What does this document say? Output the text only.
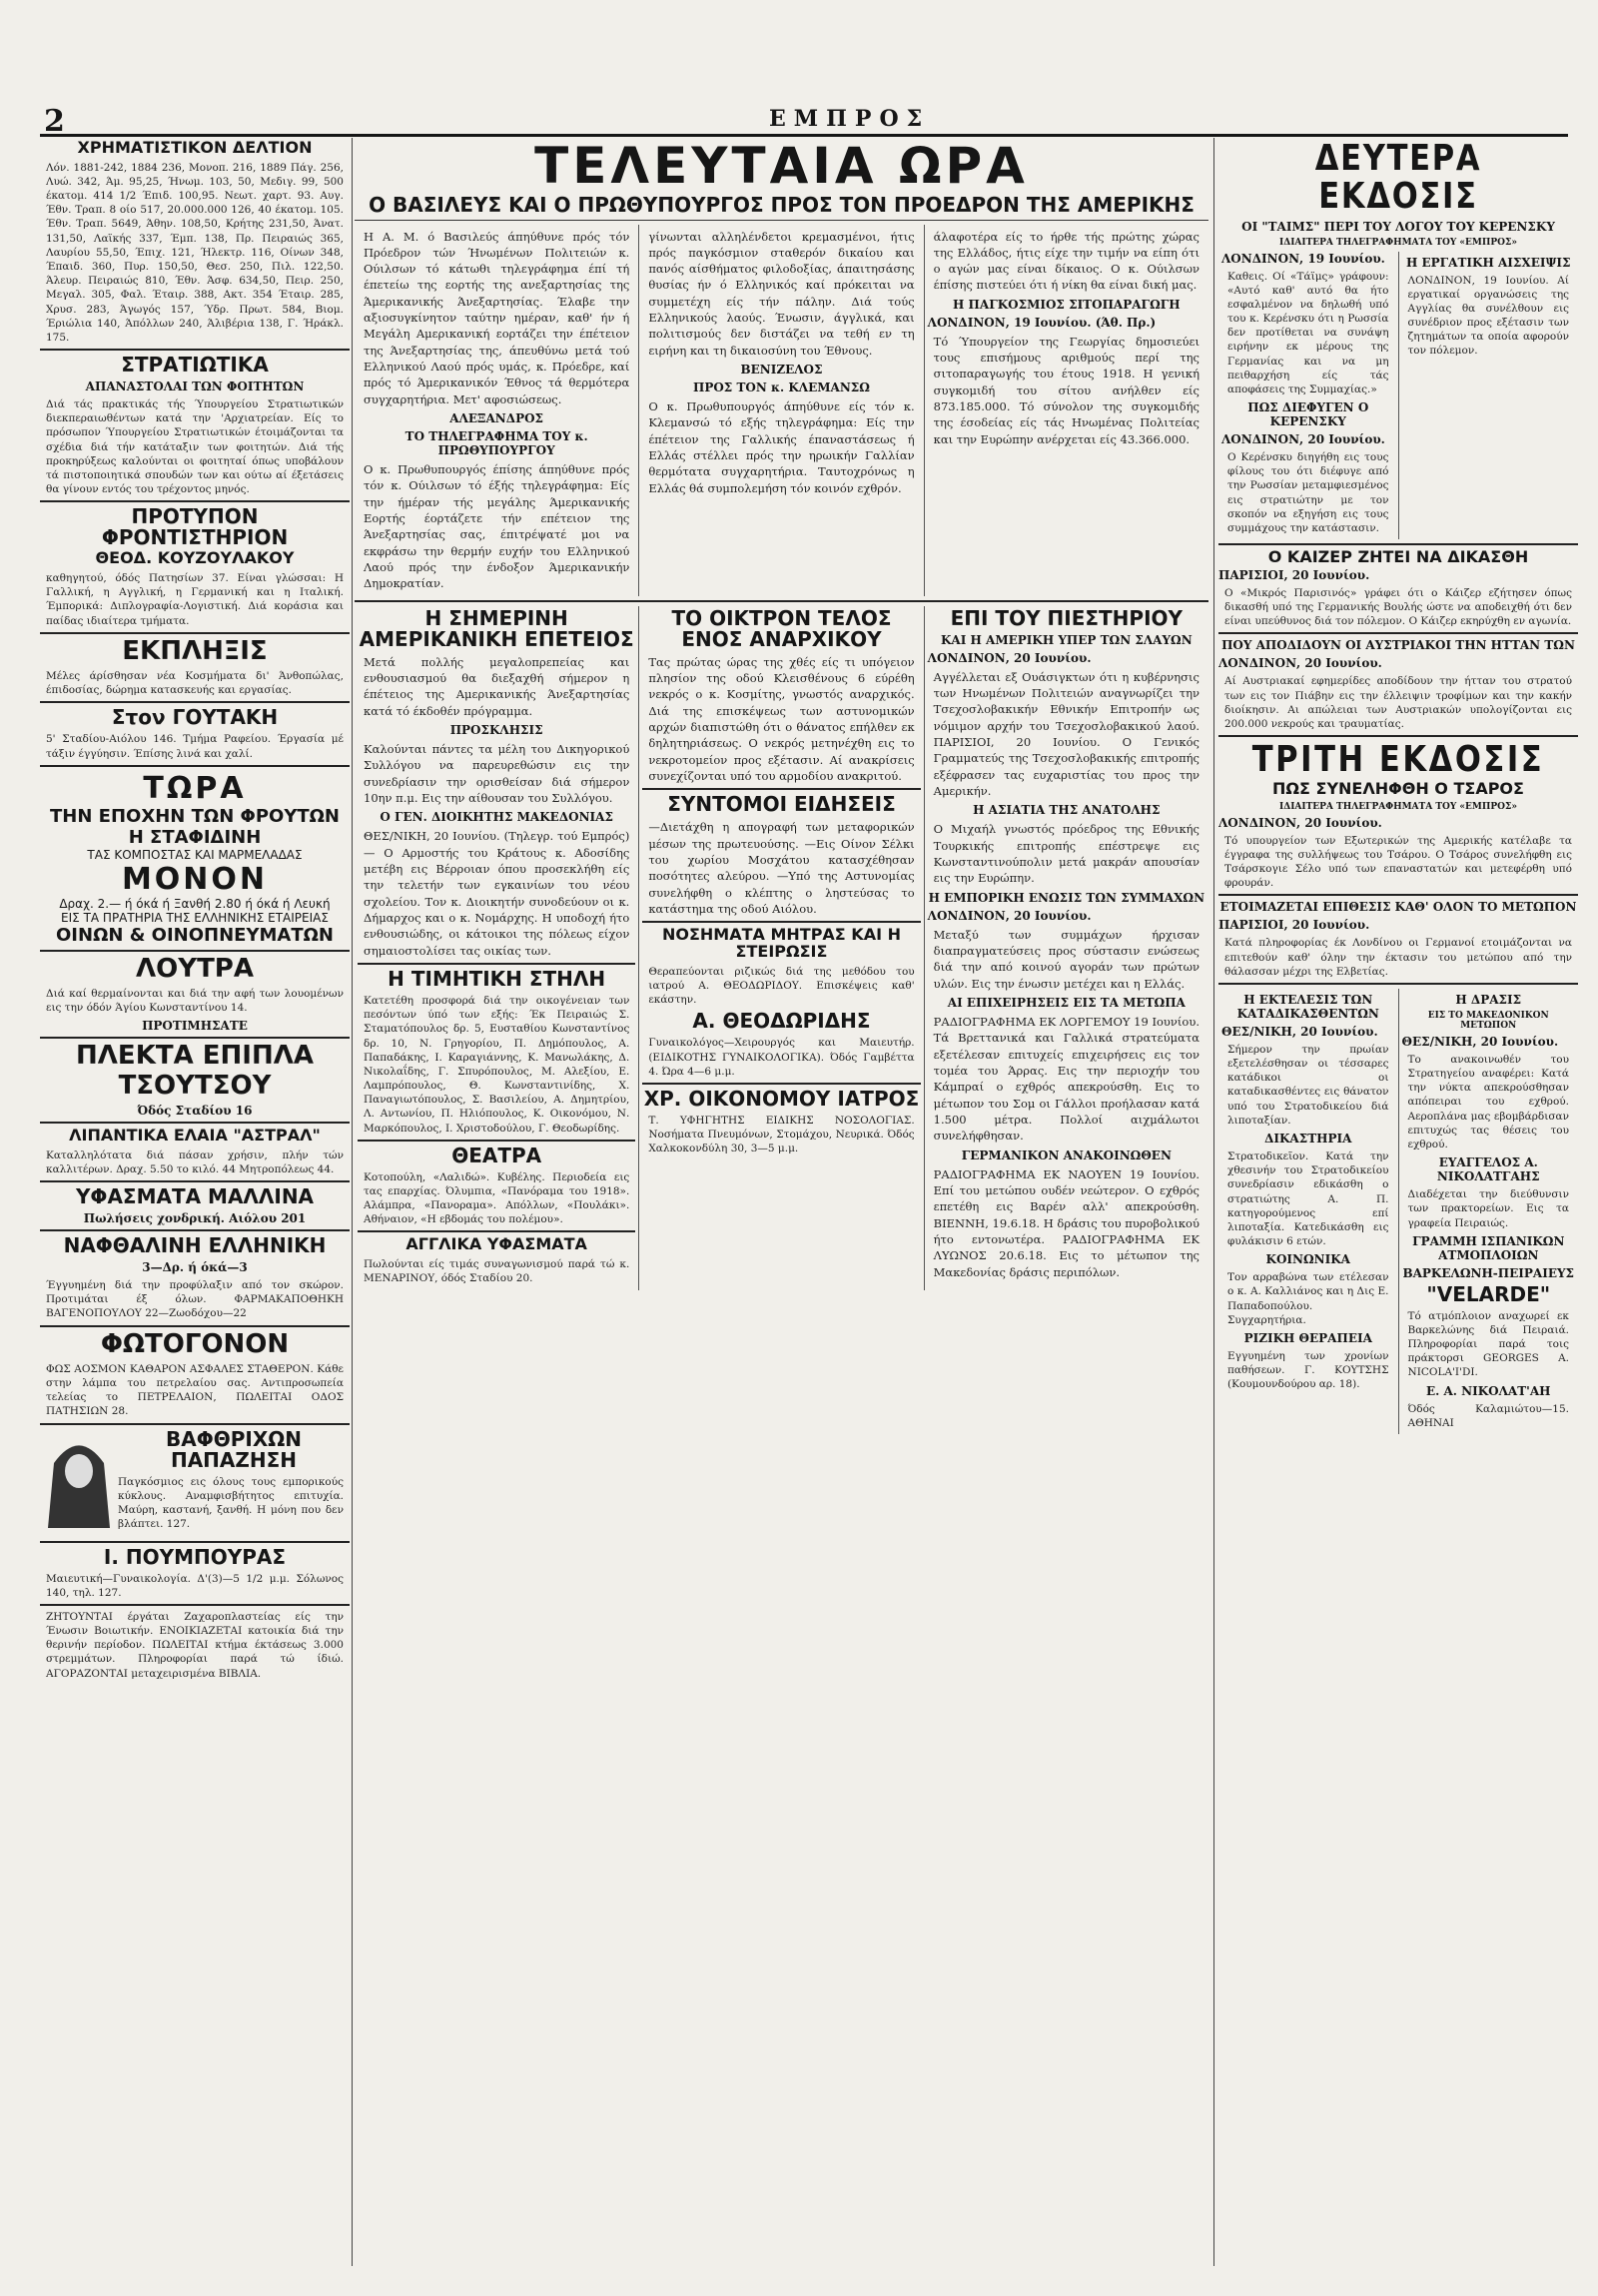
2	ΕΜΠΡΟΣ
ΧΡΗΜΑΤΙΣΤΙΚΟΝ ΔΕΛΤΙΟΝ
Λόν. 1881-242, 1884 236, Μονοπ. 216, 1889 Πάγ. 256, Λυώ. 342, Άμ. 95,25, Ήνωμ. 103, 50, Μεδιγ. 99, 500 έκατομ. 414 1/2 Έπιδ. 100,95. Νεωτ. χαρτ. 93. Αυγ. Έθν. Τραπ. 8 οίο 517, 20.000.000 126, 40 έκατομ. 105. Έθν. Τραπ. 5649, Άθην. 108,50, Κρήτης 231,50, Άνατ. 131,50, Λαϊκής 337, Έμπ. 138, Πρ. Πειραιώς 365, Λαυρίου 55,50, Έπιχ. 121, Ήλεκτρ. 116, Οίνων 348, Έπαιδ. 360, Πυρ. 150,50, Θεσ. 250, Πιλ. 122,50. Άλευρ. Πειραιώς 810, Έθν. Άσφ. 634,50, Πειρ. 250, Μεγαλ. 305, Φαλ. Έταιρ. 388, Ακτ. 354 Έταιρ. 285, Χρυσ. 283, Άγωγός 157, Ύδρ. Πρωτ. 584, Βιομ. Έριώλια 140, Άπόλλων 240, Άλιβέρια 138, Γ. Ήράκλ. 175.
ΣΤΡΑΤΙΩΤΙΚΑ
ΑΠΑΝΑΣΤΟΛΑΙ ΤΩΝ ΦΟΙΤΗΤΩΝ
Διά τάς πρακτικάς τής Ύπουργείου Στρατιωτικών διεκπεραιωθέντων κατά την 'Αρχιατρείαν. Είς το πρόσωπον Ύπουργείου Στρατιωτικών έτοιμάζονται τα σχέδια διά τήν κατάταξιν των φοιτητών. Διά τής προκηρύξεως καλούνται οι φοιτηταί όπως υποβάλουν τά πιστοποιητικά σπουδών των και ούτω αί έξετάσεις θα γίνουν εντός του τρέχοντος μηνός.
ΠΡΟΤΥΠΟΝ ΦΡΟΝΤΙΣΤΗΡΙΟΝ
ΘΕΟΔ. ΚΟΥΖΟΥΛΑΚΟΥ
καθηγητού, όδός Πατησίων 37. Είναι γλώσσαι: Η Γαλλική, η Αγγλική, η Γερμανική και η Ιταλική. Έμπορικά: Διπλογραφία-Λογιστική. Διά κοράσια και παίδας ιδιαίτερα τμήματα.
ΕΚΠΛΗΞΙΣ
Μέλες άρίσθησαν νέα Κοσμήματα δι' Άνθοπώλας, έπιδοσίας, δώρημα κατασκευής και εργασίας.
Στον ΓΟΥΤΑΚΗ
5' Σταδίου-Αιόλου 146. Τμήμα Ραφείου. Έργασία μέ τάξιν έγγύησιν. Έπίσης λινά και χαλί.
ΤΩΡΑ
ΤΗΝ ΕΠΟΧΗΝ ΤΩΝ ΦΡΟΥΤΩΝ
Η ΣΤΑΦΙΔΙΝΗ
ΤΑΣ ΚΟΜΠΟΣΤΑΣ ΚΑΙ ΜΑΡΜΕΛΑΔΑΣ
ΜΟΝΟΝ
Δραχ. 2.— ή όκά ή Ξανθή 2.80 ή όκά ή Λευκή
ΕΙΣ ΤΑ ΠΡΑΤΗΡΙΑ ΤΗΣ ΕΛΛΗΝΙΚΗΣ ΕΤΑΙΡΕΙΑΣ
ΟΙΝΩΝ & ΟΙΝΟΠΝΕΥΜΑΤΩΝ
ΛΟΥΤΡΑ
Διά καί θερμαίνονται και διά την αφή των λουομένων εις την όδόν Άγίου Κωνσταντίνου 14.
ΠΡΟΤΙΜΗΣΑΤΕ
ΠΛΕΚΤΑ ΕΠΙΠΛΑ
ΤΣΟΥΤΣΟΥ
Όδός Σταδίου 16
ΛΙΠΑΝΤΙΚΑ ΕΛΑΙΑ "ΑΣΤΡΑΛ"
Καταλληλότατα διά πάσαν χρήσιν, πλήν τών καλλιτέρων. Δραχ. 5.50 το κιλό. 44 Μητροπόλεως 44.
ΥΦΑΣΜΑΤΑ ΜΑΛΛΙΝΑ
Πωλήσεις χονδρική. Αιόλου 201
ΝΑΦΘΑΛΙΝΗ ΕΛΛΗΝΙΚΗ
3—Δρ. ή όκά—3
Έγγυημένη διά την προφύλαξιν από τον σκώρον. Προτιμάται έξ όλων. ΦΑΡΜΑΚΑΠΟΘΗΚΗ ΒΑΓΕΝΟΠΟΥΛΟΥ 22—Ζωοδόχου—22
ΦΩΤΟΓΟΝΟΝ
ΦΩΣ ΑΟΣΜΟΝ ΚΑΘΑΡΟΝ ΑΣΦΑΛΕΣ ΣΤΑΘΕΡΟΝ. Κάθε στην λάμπα του πετρελαίου σας. Αντιπροσωπεία τελείας το ΠΕΤΡΕΛΑΙΟΝ, ΠΩΛΕΙΤΑΙ ΟΔΟΣ ΠΑΤΗΣΙΩΝ 28.
ΒΑΦΘΡΙΧΩΝ ΠΑΠΑΖΗΣΗ
Παγκόσμιος εις όλους τους εμπορικούς κύκλους. Αναμφισβήτητος επιτυχία. Μαύρη, καστανή, ξανθή. Η μόνη που δεν βλάπτει. 127.
Ι. ΠΟΥΜΠΟΥΡΑΣ
Μαιευτική—Γυναικολογία. Δ'(3)—5 1/2 μ.μ. Σόλωνος 140, τηλ. 127.
ΖΗΤΟΥΝΤΑΙ έργάται Ζαχαροπλαστείας είς την Ένωσιν Βοιωτικήν. ΕΝΟΙΚΙΑΖΕΤΑΙ κατοικία διά την θερινήν περίοδον. ΠΩΛΕΙΤΑΙ κτήμα έκτάσεως 3.000 στρεμμάτων. Πληροφορίαι παρά τώ ίδιώ. ΑΓΟΡΑΖΟΝΤΑΙ μεταχειρισμένα ΒΙΒΛΙΑ.
ΤΕΛΕΥΤΑΙΑ ΩΡΑ
Ο ΒΑΣΙΛΕΥΣ ΚΑΙ Ο ΠΡΩΘΥΠΟΥΡΓΟΣ ΠΡΟΣ ΤΟΝ ΠΡΟΕΔΡΟΝ ΤΗΣ ΑΜΕΡΙΚΗΣ
Η Α. Μ. ό Βασιλεύς άπηύθυνε πρός τόν Πρόεδρον τών Ήνωμένων Πολιτειών κ. Ούιλσων τό κάτωθι τηλεγράφημα έπί τή έπετείω της εορτής της ανεξαρτησίας της Άμερικανικής Άνεξαρτησίας. Έλαβε την αξιοσυγκίνητον ταύτην ημέραν, καθ' ήν ή Μεγάλη Αμερικανική εορτάζει την έπέτειον της Άνεξαρτησίας της, άπευθύνω μετά τού Ελληνικού Λαού πρός υμάς, κ. Πρόεδρε, καί πρός τό Άμερικανικόν Έθνος τά θερμότερα συγχαρητήρια. Μετ' αφοσιώσεως.
ΑΛΕΞΑΝΔΡΟΣ
ΤΟ ΤΗΛΕΓΡΑΦΗΜΑ ΤΟΥ κ. ΠΡΩΘΥΠΟΥΡΓΟΥ
Ο κ. Πρωθυπουργός έπίσης άπηύθυνε πρός τόν κ. Ούιλσων τό έξής τηλεγράφημα: Είς την ήμέραν τής μεγάλης Άμερικανικής Εορτής έορτάζετε τήν επέτειον της Άνεξαρτησίας σας, έπιτρέψατέ μοι να εκφράσω την θερμήν ευχήν του Ελληνικού Λαού πρός την ένδοξον Άμερικανικήν Δημοκρατίαν.
γίνωνται αλληλένδετοι κρεμασμένοι, ήτις πρός παγκόσμιον σταθερόν δικαίου και πανός αίσθήματος φιλοδοξίας, άπαιτησάσης θυσίας ήν ό Ελληνικός καί πρόκειται να συμμετέχη είς τήν πάλην. Διά τούς Ελληνικούς λαούς. Ένωσιν, άγγλικά, και πολιτισμούς δεν διστάζει να τεθή εν τη ειρήνη και τη δικαιοσύνη του Έθνους.
ΒΕΝΙΖΕΛΟΣ
ΠΡΟΣ ΤΟΝ κ. ΚΛΕΜΑΝΣΩ
Ο κ. Πρωθυπουργός άπηύθυνε είς τόν κ. Κλεμανσώ τό εξής τηλεγράφημα: Είς την έπέτειον της Γαλλικής έπαναστάσεως ή Ελλάς στέλλει πρός την ηρωικήν Γαλλίαν θερμότατα συγχαρητήρια. Ταυτοχρόνως η Ελλάς θά συμπολεμήση τόν κοινόν εχθρόν.
άλαφοτέρα είς το ήρθε τής πρώτης χώρας της Ελλάδος, ήτις είχε την τιμήν να είπη ότι ο αγών μας είναι δίκαιος. Ο κ. Ούιλσων έπίσης πιστεύει ότι ή νίκη θα είναι δική μας.
Η ΠΑΓΚΟΣΜΙΟΣ ΣΙΤΟΠΑΡΑΓΩΓΗ
ΛΟΝΔΙΝΟΝ, 19 Ιουνίου. (Άθ. Πρ.)
Τό Ύπουργείον της Γεωργίας δημοσιεύει τους επισήμους αριθμούς περί της σιτοπαραγωγής του έτους 1918. Η γενική συγκομιδή του σίτου ανήλθεν είς 873.185.000. Τό σύνολον της συγκομιδής της έσοδείας είς τάς Ηνωμένας Πολιτείας και την Ευρώπην ανέρχεται είς 43.366.000.
Η ΣΗΜΕΡΙΝΗ ΑΜΕΡΙΚΑΝΙΚΗ ΕΠΕΤΕΙΟΣ
Μετά πολλής μεγαλοπρεπείας και ενθουσιασμού θα διεξαχθή σήμερον η έπέτειος της Αμερικανικής Άνεξαρτησίας κατά τό έκδοθέν πρόγραμμα.
ΠΡΟΣΚΛΗΣΙΣ
Καλούνται πάντες τα μέλη του Δικηγορικού Συλλόγου να παρευρεθώσιν εις την συνεδρίασιν την ορισθείσαν διά σήμερον 10ην π.μ. Εις την αίθουσαν του Συλλόγου.
Ο ΓΕΝ. ΔΙΟΙΚΗΤΗΣ ΜΑΚΕΔΟΝΙΑΣ
ΘΕΣ/ΝΙΚΗ, 20 Ιουνίου. (Τηλεγρ. τού Εμπρός) — Ο Αρμοστής του Κράτους κ. Αδοσίδης μετέβη εις Βέρροιαν όπου προσεκλήθη είς την τελετήν των εγκαινίων του νέου σχολείου. Τον κ. Διοικητήν συνοδεύουν οι κ. Δήμαρχος και ο κ. Νομάρχης. Η υποδοχή ήτο ενθουσιώδης, οι κάτοικοι της πόλεως είχον σημαιοστολίσει τας οικίας των.
Η ΤΙΜΗΤΙΚΗ ΣΤΗΛΗ
Κατετέθη προσφορά διά την οικογένειαν των πεσόντων ύπό των εξής: Έκ Πειραιώς Σ. Σταματόπουλος δρ. 5, Ευσταθίου Κωνσταντίνος δρ. 10, Ν. Γρηγορίου, Π. Δημόπουλος, Α. Παπαδάκης, Ι. Καραγιάννης, Κ. Μανωλάκης, Δ. Νικολαΐδης, Γ. Σπυρόπουλος, Μ. Αλεξίου, Ε. Λαμπρόπουλος, Θ. Κωνσταντινίδης, Χ. Παναγιωτόπουλος, Σ. Βασιλείου, Α. Δημητρίου, Λ. Αντωνίου, Π. Ηλιόπουλος, Κ. Οικονόμου, Ν. Μαρκόπουλος, Ι. Χριστοδούλου, Γ. Θεοδωρίδης.
ΘΕΑΤΡΑ
Κοτοπούλη, «Λαλιδώ». Κυβέλης. Περιοδεία εις τας επαρχίας. Όλυμπια, «Πανόραμα του 1918». Αλάμπρα, «Πανοραμα». Απόλλων, «Πουλάκι». Αθήναιον, «Η εβδομάς του πολέμου».
ΑΓΓΛΙΚΑ ΥΦΑΣΜΑΤΑ
Πωλούνται είς τιμάς συναγωνισμού παρά τώ κ. ΜΕΝΑΡΙΝΟΥ, όδός Σταδίου 20.
ΤΟ ΟΙΚΤΡΟΝ ΤΕΛΟΣ ΕΝΟΣ ΑΝΑΡΧΙΚΟΥ
Τας πρώτας ώρας της χθές είς τι υπόγειον πλησίον της οδού Κλεισθένους 6 εύρέθη νεκρός ο κ. Κοσμίτης, γνωστός αναρχικός. Διά της επισκέψεως των αστυνομικών αρχών διαπιστώθη ότι ο θάνατος επήλθεν εκ δηλητηριάσεως. Ο νεκρός μετηνέχθη εις το νεκροτομείον προς εξέτασιν. Αί ανακρίσεις συνεχίζονται υπό του αρμοδίου ανακριτού.
ΣΥΝΤΟΜΟΙ ΕΙΔΗΣΕΙΣ
—Διετάχθη η απογραφή των μεταφορικών μέσων της πρωτευούσης. —Εις Οίνον Σέλκι του χωρίου Μοσχάτου κατασχέθησαν ποσότητες αλεύρου. —Υπό της Αστυνομίας συνελήφθη ο κλέπτης ο ληστεύσας το κατάστημα της οδού Αιόλου.
ΝΟΣΗΜΑΤΑ ΜΗΤΡΑΣ ΚΑΙ Η ΣΤΕΙΡΩΣΙΣ
Θεραπεύονται ριζικώς διά της μεθόδου του ιατρού Α. ΘΕΟΔΩΡΙΔΟΥ. Επισκέψεις καθ' εκάστην.
Α. ΘΕΟΔΩΡΙΔΗΣ
Γυναικολόγος—Χειρουργός και Μαιευτήρ. (ΕΙΔΙΚΟΤΗΣ ΓΥΝΑΙΚΟΛΟΓΙΚΑ). Όδός Γαμβέττα 4. Ώρα 4—6 μ.μ.
ΧΡ. ΟΙΚΟΝΟΜΟΥ ΙΑΤΡΟΣ
Τ. ΥΦΗΓΗΤΗΣ ΕΙΔΙΚΗΣ ΝΟΣΟΛΟΓΙΑΣ. Νοσήματα Πνευμόνων, Στομάχου, Νευρικά. Όδός Χαλκοκονδύλη 30, 3—5 μ.μ.
ΕΠΙ ΤΟΥ ΠΙΕΣΤΗΡΙΟΥ
ΚΑΙ Η ΑΜΕΡΙΚΗ ΥΠΕΡ ΤΩΝ ΣΛΑΥΩΝ
ΛΟΝΔΙΝΟΝ, 20 Ιουνίου.
Αγγέλλεται εξ Ουάσιγκτων ότι η κυβέρνησις των Ηνωμένων Πολιτειών αναγνωρίζει την Τσεχοσλοβακικήν Εθνικήν Επιτροπήν ως νόμιμον αρχήν του Τσεχοσλοβακικού λαού. ΠΑΡΙΣΙΟΙ, 20 Ιουνίου. Ο Γενικός Γραμματεύς της Τσεχοσλοβακικής επιτροπής εξέφρασεν τας ευχαριστίας του προς την Αμερικήν.
Η ΑΣΙΑΤΙΑ ΤΗΣ ΑΝΑΤΟΛΗΣ
Ο Μιχαήλ γνωστός πρόεδρος της Εθνικής Τουρκικής επιτροπής επέστρεψε εις Κωνσταντινούπολιν μετά μακράν απουσίαν εις την Ευρώπην.
Η ΕΜΠΟΡΙΚΗ ΕΝΩΣΙΣ ΤΩΝ ΣΥΜΜΑΧΩΝ
ΛΟΝΔΙΝΟΝ, 20 Ιουνίου.
Μεταξύ των συμμάχων ήρχισαν διαπραγματεύσεις προς σύστασιν ενώσεως διά την από κοινού αγοράν των πρώτων υλών. Εις την ένωσιν μετέχει και η Ελλάς.
ΑΙ ΕΠΙΧΕΙΡΗΣΕΙΣ ΕΙΣ ΤΑ ΜΕΤΩΠΑ
ΡΑΔΙΟΓΡΑΦΗΜΑ ΕΚ ΛΟΡΓΕΜΟΥ 19 Ιουνίου. Τά Βρεττανικά και Γαλλικά στρατεύματα εξετέλεσαν επιτυχείς επιχειρήσεις εις τον τομέα του Άρρας. Εις την περιοχήν του Κάμπραί ο εχθρός απεκρούσθη. Εις το μέτωπον του Σομ οι Γάλλοι προήλασαν κατά 1.500 μέτρα. Πολλοί αιχμάλωτοι συνελήφθησαν.
ΓΕΡΜΑΝΙΚΟΝ ΑΝΑΚΟΙΝΩΘΕΝ
ΡΑΔΙΟΓΡΑΦΗΜΑ ΕΚ ΝΑΟΥΕΝ 19 Ιουνίου. Επί του μετώπου ουδέν νεώτερον. Ο εχθρός επετέθη εις Βαρέν αλλ' απεκρούσθη. ΒΙΕΝΝΗ, 19.6.18. Η δράσις του πυροβολικού ήτο εντονωτέρα. ΡΑΔΙΟΓΡΑΦΗΜΑ ΕΚ ΛΥΩΝΟΣ 20.6.18. Εις το μέτωπον της Μακεδονίας δράσις περιπόλων.
ΔΕΥΤΕΡΑ ΕΚΔΟΣΙΣ
ΟΙ "ΤΑΙΜΣ" ΠΕΡΙ ΤΟΥ ΛΟΓΟΥ ΤΟΥ ΚΕΡΕΝΣΚΥ
ΙΔΙΑΙΤΕΡΑ ΤΗΛΕΓΡΑΦΗΜΑΤΑ ΤΟΥ «ΕΜΠΡΟΣ»
ΛΟΝΔΙΝΟΝ, 19 Ιουνίου.
Καθεις. Οί «Τάϊμς» γράφουν: «Αυτό καθ' αυτό θα ήτο εσφαλμένον να δηλωθή υπό του κ. Κερένσκυ ότι η Ρωσσία δεν προτίθεται να συνάψη ειρήνην εκ μέρους της Γερμανίας και να μη πειθαρχήση είς τάς αποφάσεις της Συμμαχίας.»
ΠΩΣ ΔΙΕΦΥΓΕΝ Ο ΚΕΡΕΝΣΚΥ
ΛΟΝΔΙΝΟΝ, 20 Ιουνίου.
Ο Κερένσκυ διηγήθη εις τους φίλους του ότι διέφυγε από την Ρωσσίαν μεταμφιεσμένος εις στρατιώτην με τον σκοπόν να εξηγήση εις τους συμμάχους την κατάστασιν.
Η ΕΡΓΑΤΙΚΗ ΑΙΣΧΕΙΨΙΣ
ΛΟΝΔΙΝΟΝ, 19 Ιουνίου. Αί εργατικαί οργανώσεις της Αγγλίας θα συνέλθουν εις συνέδριον προς εξέτασιν των ζητημάτων τα οποία αφορούν τον πόλεμον.
Ο ΚΑΙΖΕΡ ΖΗΤΕΙ ΝΑ ΔΙΚΑΣΘΗ
ΠΑΡΙΣΙΟΙ, 20 Ιουνίου.
Ο «Μικρός Παρισινός» γράφει ότι ο Κάιζερ εζήτησεν όπως δικασθή υπό της Γερμανικής Βουλής ώστε να αποδειχθή ότι δεν είναι υπεύθυνος διά τον πόλεμον. Ο Κάιζερ εκηρύχθη εν αγωνία.
ΠΟΥ ΑΠΟΔΙΔΟΥΝ ΟΙ ΑΥΣΤΡΙΑΚΟΙ ΤΗΝ ΗΤΤΑΝ ΤΩΝ
ΛΟΝΔΙΝΟΝ, 20 Ιουνίου.
Αί Αυστριακαί εφημερίδες αποδίδουν την ήτταν του στρατού των εις τον Πιάβην εις την έλλειψιν τροφίμων και την κακήν διοίκησιν. Αι απώλειαι των Αυστριακών υπολογίζονται εις 200.000 νεκρούς και τραυματίας.
ΤΡΙΤΗ ΕΚΔΟΣΙΣ
ΠΩΣ ΣΥΝΕΛΗΦΘΗ Ο ΤΣΑΡΟΣ
ΙΔΙΑΙΤΕΡΑ ΤΗΛΕΓΡΑΦΗΜΑΤΑ ΤΟΥ «ΕΜΠΡΟΣ»
ΛΟΝΔΙΝΟΝ, 20 Ιουνίου.
Τό υπουργείον των Εξωτερικών της Αμερικής κατέλαβε τα έγγραφα της συλλήψεως του Τσάρου. Ο Τσάρος συνελήφθη εις Τσάρσκογιε Σέλο υπό των επαναστατών και μετεφέρθη υπό φρουράν.
ΕΤΟΙΜΑΖΕΤΑΙ ΕΠΙΘΕΣΙΣ ΚΑΘ' ΟΛΟΝ ΤΟ ΜΕΤΩΠΟΝ
ΠΑΡΙΣΙΟΙ, 20 Ιουνίου.
Κατά πληροφορίας έκ Λονδίνου οι Γερμανοί ετοιμάζονται να επιτεθούν καθ' όλην την έκτασιν του μετώπου από την θάλασσαν μέχρι της Ελβετίας.
Η ΕΚΤΕΛΕΣΙΣ ΤΩΝ ΚΑΤΑΔΙΚΑΣΘΕΝΤΩΝ
ΘΕΣ/ΝΙΚΗ, 20 Ιουνίου.
Σήμερον την πρωίαν εξετελέσθησαν οι τέσσαρες κατάδικοι οι καταδικασθέντες εις θάνατον υπό του Στρατοδικείου διά λιποταξίαν.
ΔΙΚΑΣΤΗΡΙΑ
Στρατοδικεῖον. Κατά την χθεσινήν του Στρατοδικείου συνεδρίασιν εδικάσθη ο στρατιώτης Α. Π. κατηγορούμενος επί λιποταξία. Κατεδικάσθη εις φυλάκισιν 6 ετών.
ΚΟΙΝΩΝΙΚΑ
Τον αρραβώνα των ετέλεσαν ο κ. Α. Καλλιάνος και η Δις Ε. Παπαδοπούλου. Συγχαρητήρια.
ΡΙΖΙΚΗ ΘΕΡΑΠΕΙΑ
Εγγυημένη των χρονίων παθήσεων. Γ. ΚΟΥΤΣΗΣ (Κουμουνδούρου αρ. 18).
Η ΔΡΑΣΙΣ
ΕΙΣ ΤΟ ΜΑΚΕΔΟΝΙΚΟΝ ΜΕΤΩΠΟΝ
ΘΕΣ/ΝΙΚΗ, 20 Ιουνίου.
Το ανακοινωθέν του Στρατηγείου αναφέρει: Κατά την νύκτα απεκρούσθησαν απόπειραι του εχθρού. Αεροπλάνα μας εβομβάρδισαν επιτυχώς τας θέσεις του εχθρού.
ΕΥΑΓΓΕΛΟΣ Α. ΝΙΚΟΛΑΤΓΑΗΣ
Διαδέχεται την διεύθυνσιν των πρακτορείων. Εις τα γραφεία Πειραιώς.
ΓΡΑΜΜΗ ΙΣΠΑΝΙΚΩΝ ΑΤΜΟΠΛΟΙΩΝ
ΒΑΡΚΕΛΩΝΗ-ΠΕΙΡΑΙΕΥΣ
"VELARDE"
Τό ατμόπλοιον αναχωρεί εκ Βαρκελώνης διά Πειραιά. Πληροφορίαι παρά τοις πράκτορσι GEORGES A. NICOLA'I'DI.
Ε. Α. ΝΙΚΟΛΑΤ'ΑΗ
Όδός Καλαμιώτου—15. ΑΘΗΝΑΙ
